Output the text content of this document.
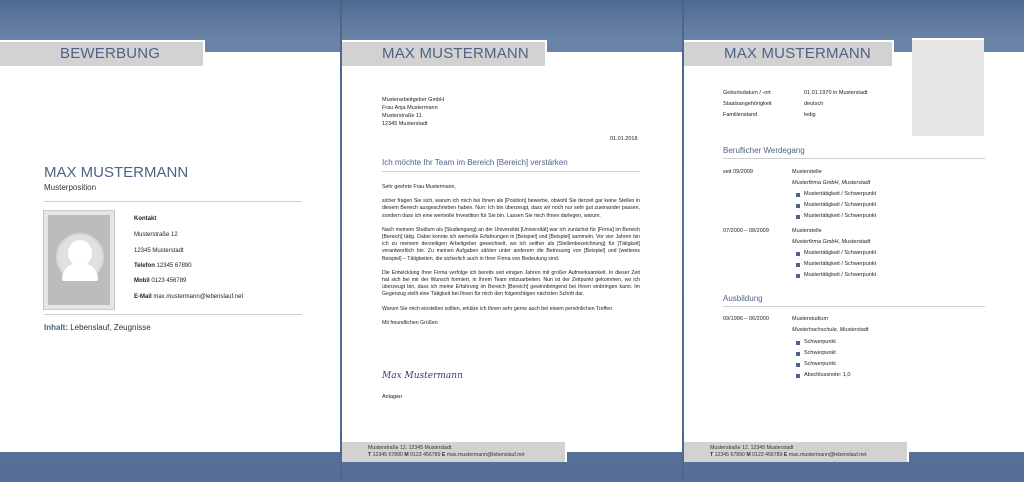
BEWERBUNG
MAX MUSTERMANN
Musterposition
Kontakt
Musterstraße 12
12345 Musterstadt
Telefon 12345 67890
Mobil 0123 456789
E-Mail max.mustermann@lebenslauf.net
Inhalt: Lebenslauf, Zeugnisse
MAX MUSTERMANN
Musterarbeitgeber GmbH
Frau Anja Mustermann
Musterstraße 11
12345 Musterstadt
01.01.2018
Ich möchte Ihr Team im Bereich [Bereich] verstärken

Sehr geehrte Frau Mustermann,

sicher fragen Sie sich, warum ich mich bei Ihnen als [Position] bewerbe, obwohl Sie derzeit gar keine Stellen in diesem Bereich ausgeschrieben haben. Nun: Ich bin überzeugt, dass wir noch nur sehr gut zueinander passen, sondern dass ich eine wertvolle Investition für Sie bin. Lassen Sie mich Ihnen darlegen, warum.

Nach meinem Studium als [Studiengang] an der Universität [Universität] war ich zunächst für [Firma] im Bereich [Bereich] tätig. Dabei konnte ich wertvolle Erfahrungen in [Beispiel] und [Beispiel] sammeln. Vor vier Jahren bin ich zu meinem derzeitigen Arbeitgeber gewechselt, wo ich seither als [Stellenbezeichnung] für [Tätigkeit] verantwortlich bin. Zu meinen Aufgaben zählen unter anderem die Betreuung von [Beispiel] und [weiteres Beispiel] – Tätigkeiten, die sicherlich auch in Ihrer Firma von Bedeutung sind.

Die Entwicklung Ihrer Firma verfolge ich bereits seit einigen Jahren mit großer Aufmerksamkeit. In dieser Zeit hat sich bei mir der Wunsch formiert, in Ihrem Team mitzuarbeiten. Nun ist der Zeitpunkt gekommen, wo ich überzeugt bin, dass ich meine Erfahrung im Bereich [Bereich] gewinnbringend bei Ihnen einbringen kann. Im Gegenzug stellt eine Tätigkeit bei Ihnen für mich den folgerichtigen nächsten Schritt dar.

Warum Sie mich einstellen sollten, erkläre ich Ihnen sehr gerne auch bei einem persönlichen Treffen.

Mit freundlichen Grüßen

Max Mustermann
Anlagen
Musterstraße 12, 12345 Musterstadt
T 12345 67890 M 0123 456789 E max.mustermann@lebenslauf.net
MAX MUSTERMANN
Geburtsdatum / -ort	01.01.1970 in Musterstadt
Staatsangehörigkeit	deutsch
Familienstand	ledig
Beruflicher Werdegang
seit 09/2009	Musterstelle
Musterfirma GmbH, Musterstadt
Mustertätigkeit / Schwerpunkt
Mustertätigkeit / Schwerpunkt
Mustertätigkeit / Schwerpunkt
07/2000 – 08/2009	Musterstelle
Musterfirma GmbH, Musterstadt
Mustertätigkeit / Schwerpunkt
Mustertätigkeit / Schwerpunkt
Mustertätigkeit / Schwerpunkt
Ausbildung
09/1996 – 06/2000	Musterstudium
Musterhochschule, Musterstadt
Schwerpunkt
Schwerpunkt
Schwerpunkt
Abschlussnote: 1,0
Musterstraße 12, 12345 Musterstadt
T 12345 67890 M 0123 456789 E max.mustermann@lebenslauf.net
